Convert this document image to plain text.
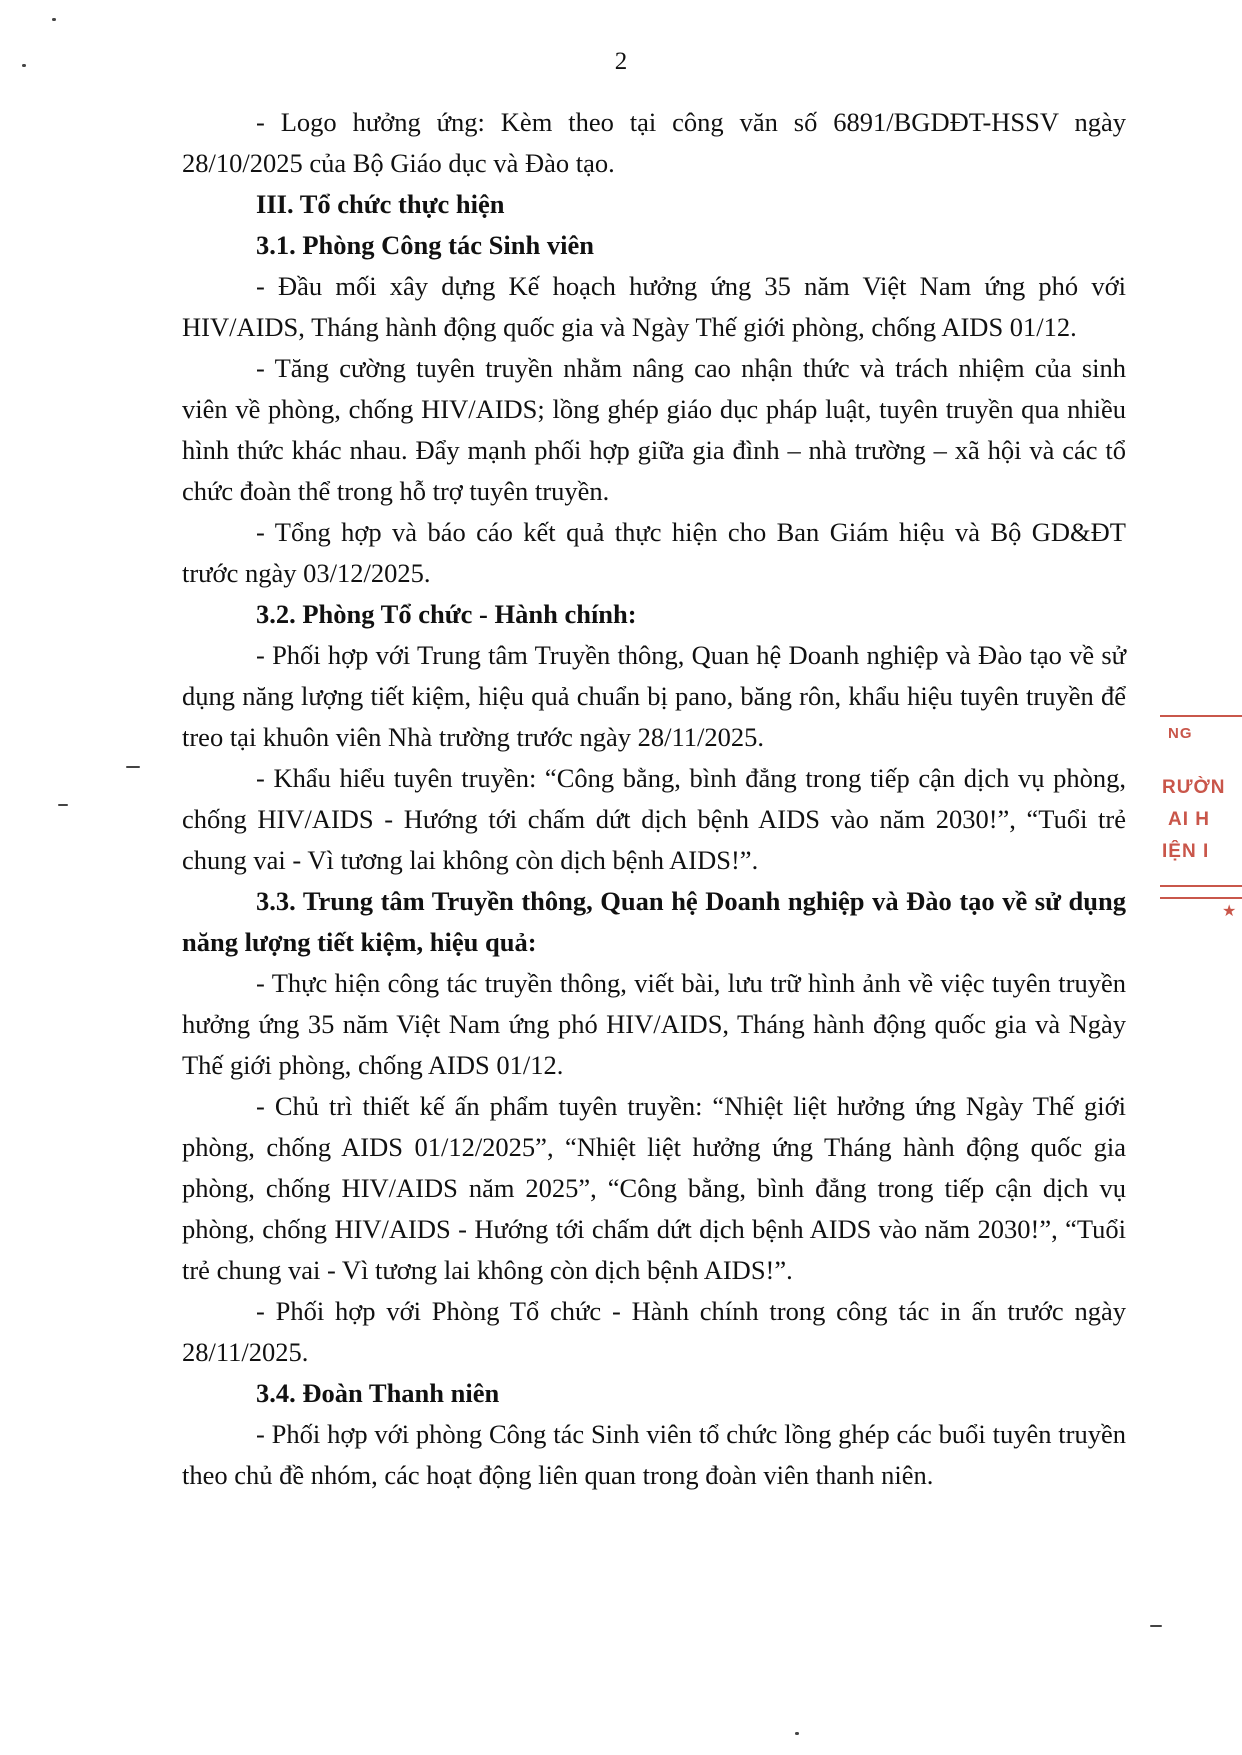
2

- Logo hưởng ứng: Kèm theo tại công văn số 6891/BGDĐT-HSSV ngày 28/10/2025 của Bộ Giáo dục và Đào tạo.

III. Tổ chức thực hiện

3.1. Phòng Công tác Sinh viên

- Đầu mối xây dựng Kế hoạch hưởng ứng 35 năm Việt Nam ứng phó với HIV/AIDS, Tháng hành động quốc gia và Ngày Thế giới phòng, chống AIDS 01/12.

- Tăng cường tuyên truyền nhằm nâng cao nhận thức và trách nhiệm của sinh viên về phòng, chống HIV/AIDS; lồng ghép giáo dục pháp luật, tuyên truyền qua nhiều hình thức khác nhau. Đẩy mạnh phối hợp giữa gia đình – nhà trường – xã hội và các tổ chức đoàn thể trong hỗ trợ tuyên truyền.

- Tổng hợp và báo cáo kết quả thực hiện cho Ban Giám hiệu và Bộ GD&ĐT trước ngày 03/12/2025.

3.2. Phòng Tổ chức - Hành chính:

- Phối hợp với Trung tâm Truyền thông, Quan hệ Doanh nghiệp và Đào tạo về sử dụng năng lượng tiết kiệm, hiệu quả chuẩn bị pano, băng rôn, khẩu hiệu tuyên truyền để treo tại khuôn viên Nhà trường trước ngày 28/11/2025.

- Khẩu hiểu tuyên truyền: “Công bằng, bình đẳng trong tiếp cận dịch vụ phòng, chống HIV/AIDS - Hướng tới chấm dứt dịch bệnh AIDS vào năm 2030!”, “Tuổi trẻ chung vai - Vì tương lai không còn dịch bệnh AIDS!”.

3.3. Trung tâm Truyền thông, Quan hệ Doanh nghiệp và Đào tạo về sử dụng năng lượng tiết kiệm, hiệu quả:

- Thực hiện công tác truyền thông, viết bài, lưu trữ hình ảnh về việc tuyên truyền hưởng ứng 35 năm Việt Nam ứng phó HIV/AIDS, Tháng hành động quốc gia và Ngày Thế giới phòng, chống AIDS 01/12.

- Chủ trì thiết kế ấn phẩm tuyên truyền: “Nhiệt liệt hưởng ứng Ngày Thế giới phòng, chống AIDS 01/12/2025”, “Nhiệt liệt hưởng ứng Tháng hành động quốc gia phòng, chống HIV/AIDS năm 2025”, “Công bằng, bình đẳng trong tiếp cận dịch vụ phòng, chống HIV/AIDS - Hướng tới chấm dứt dịch bệnh AIDS vào năm 2030!”, “Tuổi trẻ chung vai - Vì tương lai không còn dịch bệnh AIDS!”.

- Phối hợp với Phòng Tổ chức - Hành chính trong công tác in ấn trước ngày 28/11/2025.

3.4. Đoàn Thanh niên

- Phối hợp với phòng Công tác Sinh viên tổ chức lồng ghép các buổi tuyên truyền theo chủ đề nhóm, các hoạt động liên quan trong đoàn viên thanh niên.

NG
RƯỜN
AI H
IỆN I
★
